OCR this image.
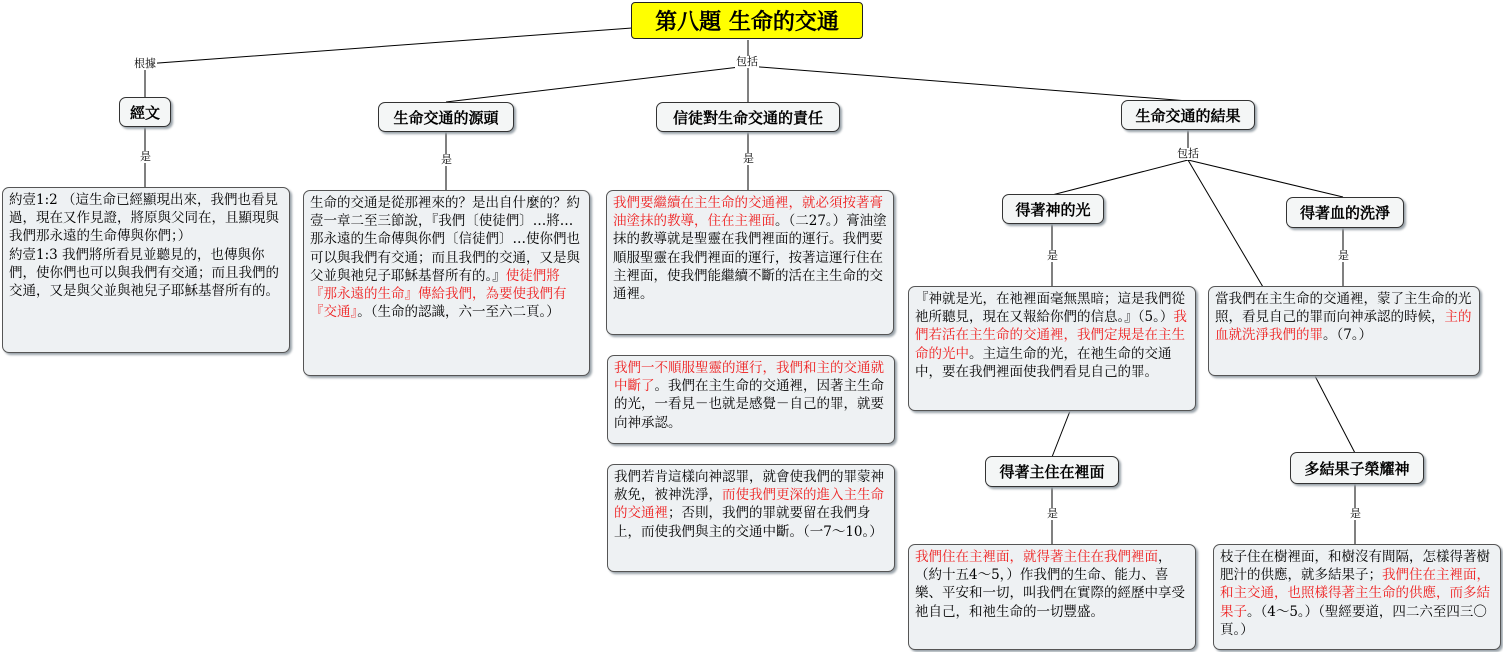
第八題 生命的交通
根據	包括
是	是	是	包括
是	是
是	是
經文	生命交通的源頭	信徒對生命交通的責任	生命交通的結果
得著神的光	得著血的洗淨
得著主住在裡面	多結果子榮耀神
約壹1:2 （這生命已經顯現出來，我們也看見過，現在又作見證，將原與父同在，且顯現與我們那永遠的生命傳與你們；）
約壹1:3 我們將所看見並聽見的，也傳與你們，使你們也可以與我們有交通；而且我們的交通，又是與父並與祂兒子耶穌基督所有的。
生命的交通是從那裡來的？是出自什麼的？約壹一章二至三節說，『我們〔使徒們〕…將…那永遠的生命傳與你們〔信徒們〕…使你們也可以與我們有交通；而且我們的交通，又是與父並與祂兒子耶穌基督所有的。』使徒們將『那永遠的生命』傳給我們，為要使我們有『交通』。（生命的認識，六一至六二頁。）
我們要繼續在主生命的交通裡，就必須按著膏油塗抹的教導，住在主裡面。（二27。）膏油塗抹的教導就是聖靈在我們裡面的運行。我們要順服聖靈在我們裡面的運行，按著這運行住在主裡面，使我們能繼續不斷的活在主生命的交通裡。
我們一不順服聖靈的運行，我們和主的交通就中斷了。我們在主生命的交通裡，因著主生命的光，一看見－也就是感覺－自己的罪，就要向神承認。
我們若肯這樣向神認罪，就會使我們的罪蒙神赦免，被神洗淨，而使我們更深的進入主生命的交通裡；否則，我們的罪就要留在我們身上，而使我們與主的交通中斷。（一7～10。）
『神就是光，在祂裡面毫無黑暗；這是我們從祂所聽見，現在又報給你們的信息。』（5。）我們若活在主生命的交通裡，我們定規是在主生命的光中。主這生命的光，在祂生命的交通中，要在我們裡面使我們看見自己的罪。
當我們在主生命的交通裡，蒙了主生命的光照，看見自己的罪而向神承認的時候，主的血就洗淨我們的罪。（7。）
我們住在主裡面，就得著主住在我們裡面，（約十五4～5，）作我們的生命、能力、喜樂、平安和一切，叫我們在實際的經歷中享受祂自己，和祂生命的一切豐盛。
枝子住在樹裡面，和樹沒有間隔，怎樣得著樹肥汁的供應，就多結果子；我們住在主裡面，和主交通，也照樣得著主生命的供應，而多結果子。（4～5。）（聖經要道，四二六至四三〇頁。）
